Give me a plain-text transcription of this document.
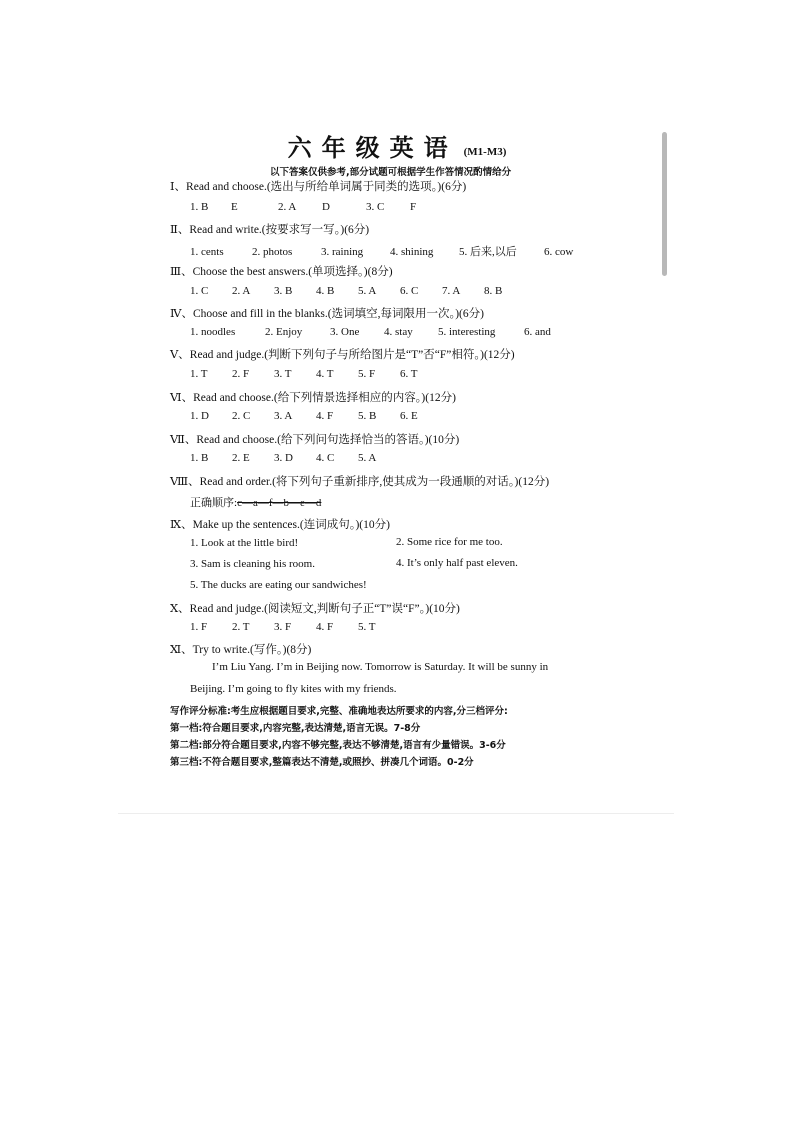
六年级英语 (M1-M3)
以下答案仅供参考,部分试题可根据学生作答情况酌情给分
Ⅰ、Read and choose.(选出与所给单词属于同类的选项。)(6分)
1. B E	2. A D	3. C F
Ⅱ、Read and write.(按要求写一写。)(6分)
1. cents	2. photos	3. raining 4. shining 5. 后来,以后 6. cow
Ⅲ、Choose the best answers.(单项选择。)(8分)
1. C 2. A 3. B 4. B 5. A 6. C 7. A 8. B
Ⅳ、Choose and fill in the blanks.(选词填空,每词限用一次。)(6分)
1. noodles	2. Enjoy	3. One 4. stay 5. interesting	6. and
Ⅴ、Read and judge.(判断下列句子与所给图片是“T”否“F”相符。)(12分)
1. T 2. F 3. T 4. T 5. F 6. T
Ⅵ、Read and choose.(给下列情景选择相应的内容。)(12分)
1. D 2. C 3. A 4. F 5. B 6. E
Ⅶ、Read and choose.(给下列问句选择恰当的答语。)(10分)
1. B 2. E 3. D 4. C 5. A
Ⅷ、Read and order.(将下列句子重新排序,使其成为一段通顺的对话。)(12分)
正确顺序:c—a—f—b—e—d
Ⅸ、Make up the sentences.(连词成句。)(10分)
1. Look at the little bird!	2. Some rice for me too.
3. Sam is cleaning his room.	4. It’s only half past eleven.
5. The ducks are eating our sandwiches!
Ⅹ、Read and judge.(阅读短文,判断句子正“T”误“F”。)(10分)
1. F 2. T 3. F 4. F 5. T
Ⅺ、Try to write.(写作。)(8分)
I’m Liu Yang. I’m in Beijing now. Tomorrow is Saturday. It will be sunny in
Beijing. I’m going to fly kites with my friends.
写作评分标准:考生应根据题目要求,完整、准确地表达所要求的内容,分三档评分:
第一档:符合题目要求,内容完整,表达清楚,语言无误。7-8分
第二档:部分符合题目要求,内容不够完整,表达不够清楚,语言有少量错误。3-6分
第三档:不符合题目要求,整篇表达不清楚,或照抄、拼凑几个词语。0-2分
